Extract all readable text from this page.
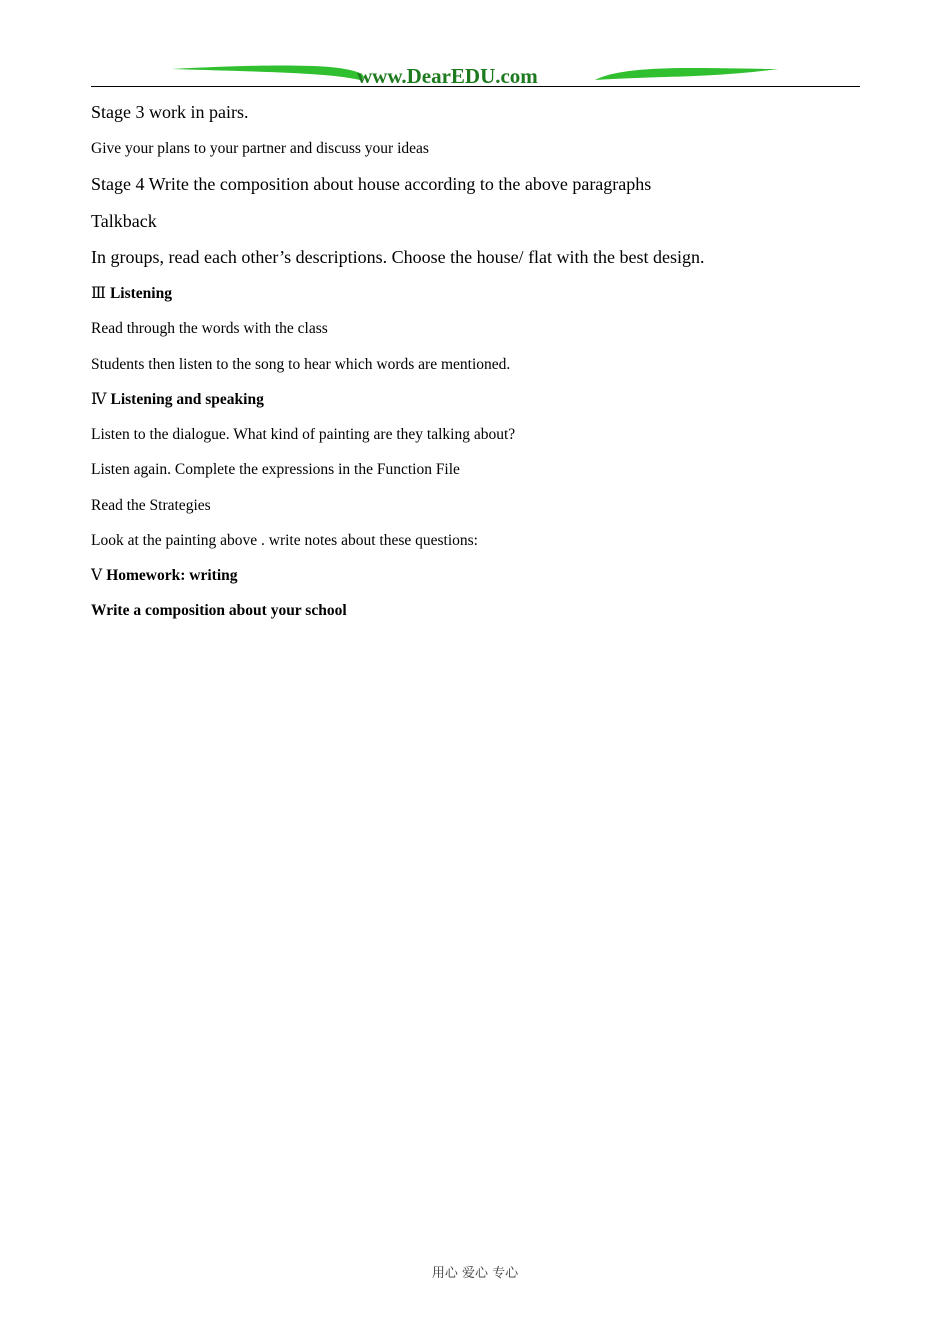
www.DearEDU.com
Stage 3 work in pairs.
Give your plans to your partner and discuss your ideas
Stage 4 Write the composition about house according to the above paragraphs
Talkback
In groups, read each other’s descriptions. Choose the house/ flat with the best design.
Ⅲ Listening
Read through the words with the class
Students then listen to the song to hear which words are mentioned.
Ⅳ Listening and speaking
Listen to the dialogue. What kind of painting are they talking about?
Listen again. Complete the expressions in the Function File
Read the Strategies
Look at the painting above . write notes about these questions:
Ⅴ Homework: writing
Write a composition about your school
用心 爱心 专心
